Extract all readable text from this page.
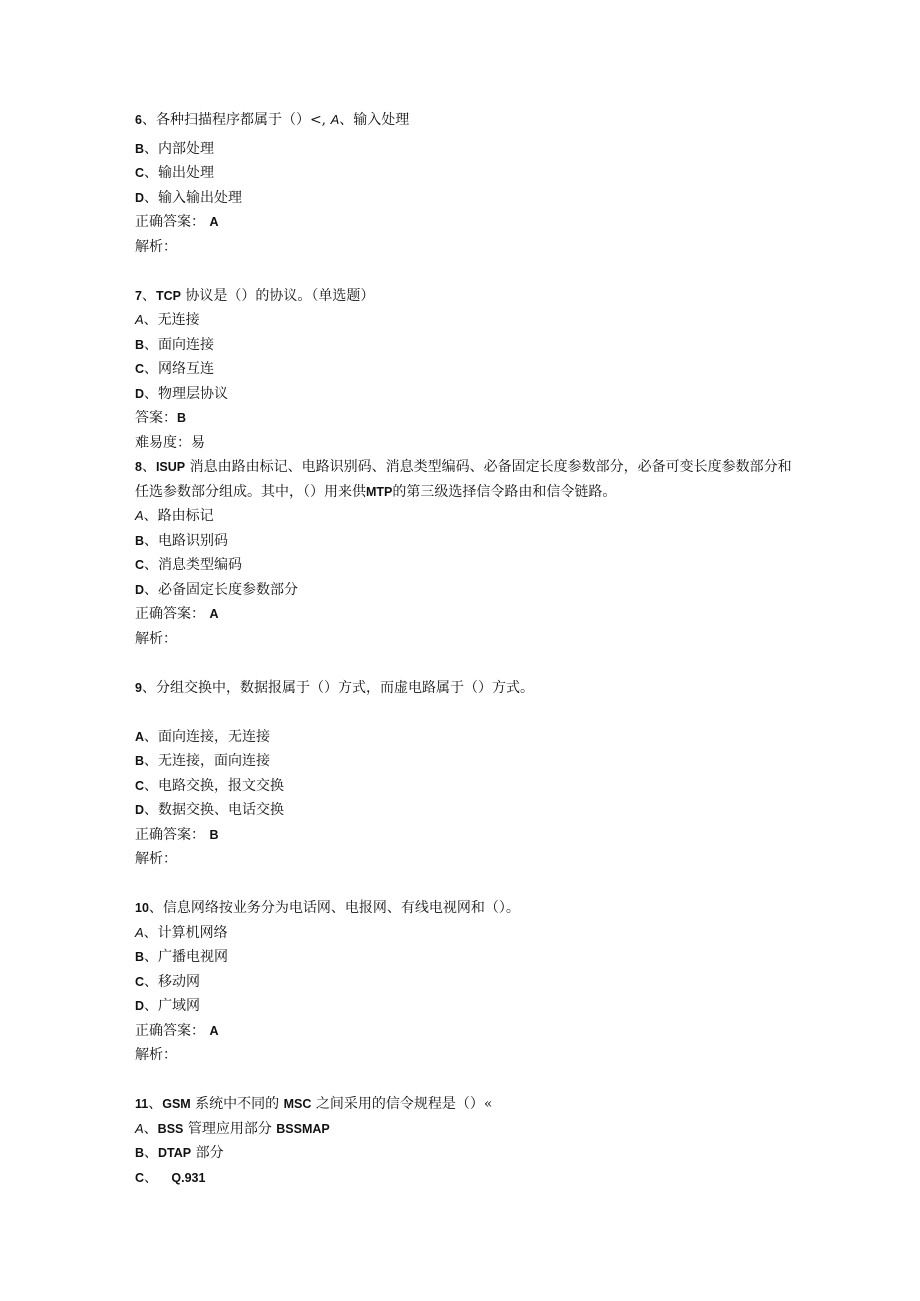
6、各种扫描程序都属于（）<, A、输入处理
B、内部处理
C、输出处理
D、输入输出处理
正确答案： A
解析：
7、TCP 协议是（）的协议。（单选题）
A、无连接
B、面向连接
C、网络互连
D、物理层协议
答案：B
难易度：易
8、ISUP 消息由路由标记、电路识别码、消息类型编码、必备固定长度参数部分，必备可变长度参数部分和任选参数部分组成。其中，（）用来供MTP的第三级选择信令路由和信令链路。
A、路由标记
B、电路识别码
C、消息类型编码
D、必备固定长度参数部分
正确答案： A
解析：
9、分组交换中，数据报属于（）方式，而虚电路属于（）方式。
A、面向连接，无连接
B、无连接，面向连接
C、电路交换，报文交换
D、数据交换、电话交换
正确答案： B
解析：
10、信息网络按业务分为电话网、电报网、有线电视网和（）。
A、计算机网络
B、广播电视网
C、移动网
D、广域网
正确答案： A
解析：
11、GSM 系统中不同的 MSC 之间采用的信令规程是（）«
A、BSS 管理应用部分 BSSMAP
B、DTAP 部分
C、 Q.931
